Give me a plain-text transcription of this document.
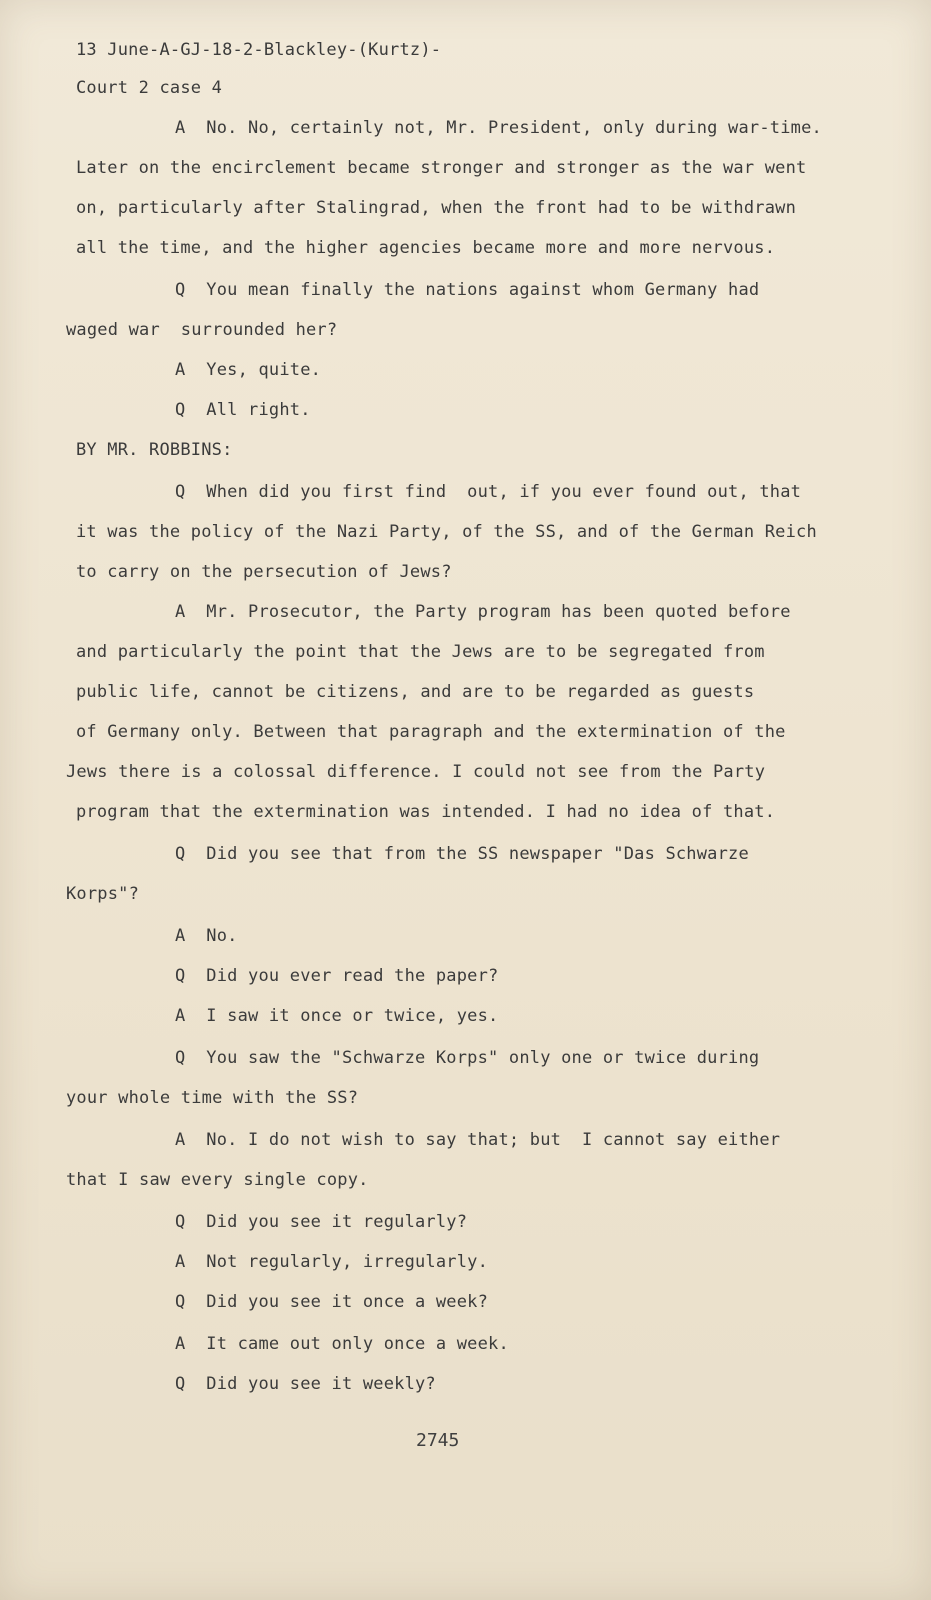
13 June-A-GJ-18-2-Blackley-(Kurtz)-
Court 2 case 4
A  No. No, certainly not, Mr. President, only during war-time.
Later on the encirclement became stronger and stronger as the war went
on, particularly after Stalingrad, when the front had to be withdrawn
all the time, and the higher agencies became more and more nervous.
Q  You mean finally the nations against whom Germany had
waged war  surrounded her?
A  Yes, quite.
Q  All right.
BY MR. ROBBINS:
Q  When did you first find  out, if you ever found out, that
it was the policy of the Nazi Party, of the SS, and of the German Reich
to carry on the persecution of Jews?
A  Mr. Prosecutor, the Party program has been quoted before
and particularly the point that the Jews are to be segregated from
public life, cannot be citizens, and are to be regarded as guests
of Germany only. Between that paragraph and the extermination of the
Jews there is a colossal difference. I could not see from the Party
program that the extermination was intended. I had no idea of that.
Q  Did you see that from the SS newspaper "Das Schwarze
Korps"?
A  No.
Q  Did you ever read the paper?
A  I saw it once or twice, yes.
Q  You saw the "Schwarze Korps" only one or twice during
your whole time with the SS?
A  No. I do not wish to say that; but  I cannot say either
that I saw every single copy.
Q  Did you see it regularly?
A  Not regularly, irregularly.
Q  Did you see it once a week?
A  It came out only once a week.
Q  Did you see it weekly?
2745
